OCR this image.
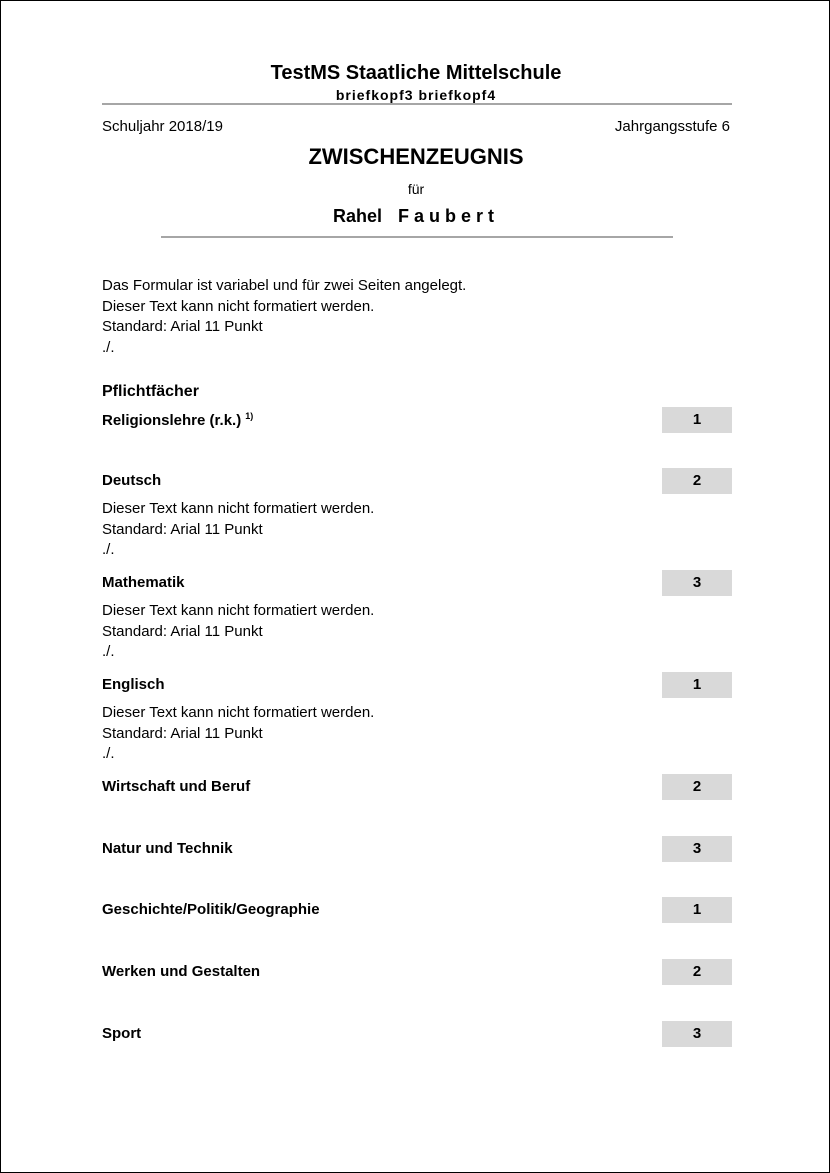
TestMS Staatliche Mittelschule
briefkopf3 briefkopf4
Schuljahr 2018/19	Jahrgangsstufe 6
ZWISCHENZEUGNIS
für
Rahel Faubert
Das Formular ist variabel und für zwei Seiten angelegt.
Dieser Text kann nicht formatiert werden.
Standard: Arial 11 Punkt
./.
Pflichtfächer
Religionslehre (r.k.) $^{1)}$	1
Deutsch	2
Dieser Text kann nicht formatiert werden.
Standard: Arial 11 Punkt
./.
Mathematik	3
Dieser Text kann nicht formatiert werden.
Standard: Arial 11 Punkt
./.
Englisch	1
Dieser Text kann nicht formatiert werden.
Standard: Arial 11 Punkt
./.
Wirtschaft und Beruf	2
Natur und Technik	3
Geschichte/Politik/Geographie	1
Werken und Gestalten	2
Sport	3
